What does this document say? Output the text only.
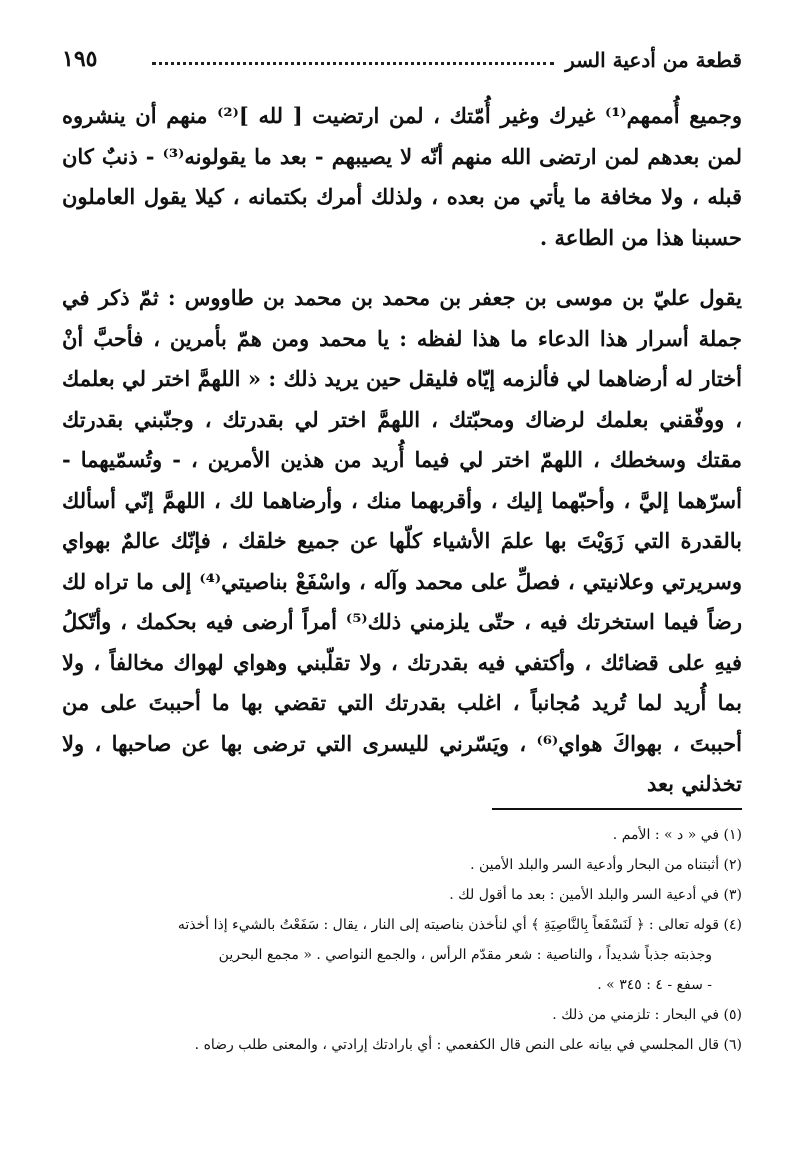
قطعة من أدعية السر
١٩٥

وجميع أُممهم⁽¹⁾ غيرك وغير أُمّتك ، لمن ارتضيت [ لله ]⁽²⁾ منهم أن ينشروه لمن بعدهم لمن ارتضى الله منهم أنّه لا يصيبهم - بعد ما يقولونه⁽³⁾ - ذنبٌ كان قبله ، ولا مخافة ما يأتي من بعده ، ولذلك أمرك بكتمانه ، كيلا يقول العاملون حسبنا هذا من الطاعة .

يقول عليّ بن موسى بن جعفر بن محمد بن محمد بن طاووس : ثمّ ذكر في جملة أسرار هذا الدعاء ما هذا لفظه : يا محمد ومن همّ بأمرين ، فأحبَّ أنْ أختار له أرضاهما لي فألزمه إيّاه فليقل حين يريد ذلك : « اللهمَّ اختر لي بعلمك ، ووفّقني بعلمك لرضاك ومحبّتك ، اللهمَّ اختر لي بقدرتك ، وجنّبني بقدرتك مقتك وسخطك ، اللهمّ اختر لي فيما أُريد من هذين الأمرين ، - وتُسمّيهما - أسرّهما إليَّ ، وأحبّهما إليك ، وأقربهما منك ، وأرضاهما لك ، اللهمَّ إنّي أسألك بالقدرة التي زَوَيْتَ بها علمَ الأشياء كلّها عن جميع خلقك ، فإنّك عالمٌ بهواي وسريرتي وعلانيتي ، فصلِّ على محمد وآله ، واسْفَعْ بناصيتي⁽⁴⁾ إلى ما تراه لك رضاً فيما استخرتك فيه ، حتّى يلزمني ذلك⁽⁵⁾ أمراً أرضى فيه بحكمك ، وأتّكلُ فيهِ على قضائك ، وأكتفي فيه بقدرتك ، ولا تقلّبني وهواي لهواك مخالفاً ، ولا بما أُريد لما تُريد مُجانباً ، اغلب بقدرتك التي تقضي بها ما أحببتَ على من أحببتَ ، بهواكَ هواي⁽⁶⁾ ، ويَسّرني لليسرى التي ترضى بها عن صاحبها ، ولا تخذلني بعد

(١) في « د » : الأمم .

(٢) أثبتناه من البحار وأدعية السر والبلد الأمين .

(٣) في أدعية السر والبلد الأمين : بعد ما أقول لك .

(٤) قوله تعالى : ﴿ لَنَسْفَعاً بِالنَّاصِيَةِ ﴾ أي لنأخذن بناصيته إلى النار ، يقال : سَفَعْتُ بالشيء إذا أخذته

وجذبته جذباً شديداً ، والناصية : شعر مقدّم الرأس ، والجمع النواصي . « مجمع البحرين

- سفع - ٤ : ٣٤٥ » .

(٥) في البحار : تلزمني من ذلك .

(٦) قال المجلسي في بيانه على النص قال الكفعمي : أي بارادتك إرادتي ، والمعنى طلب رضاه .
